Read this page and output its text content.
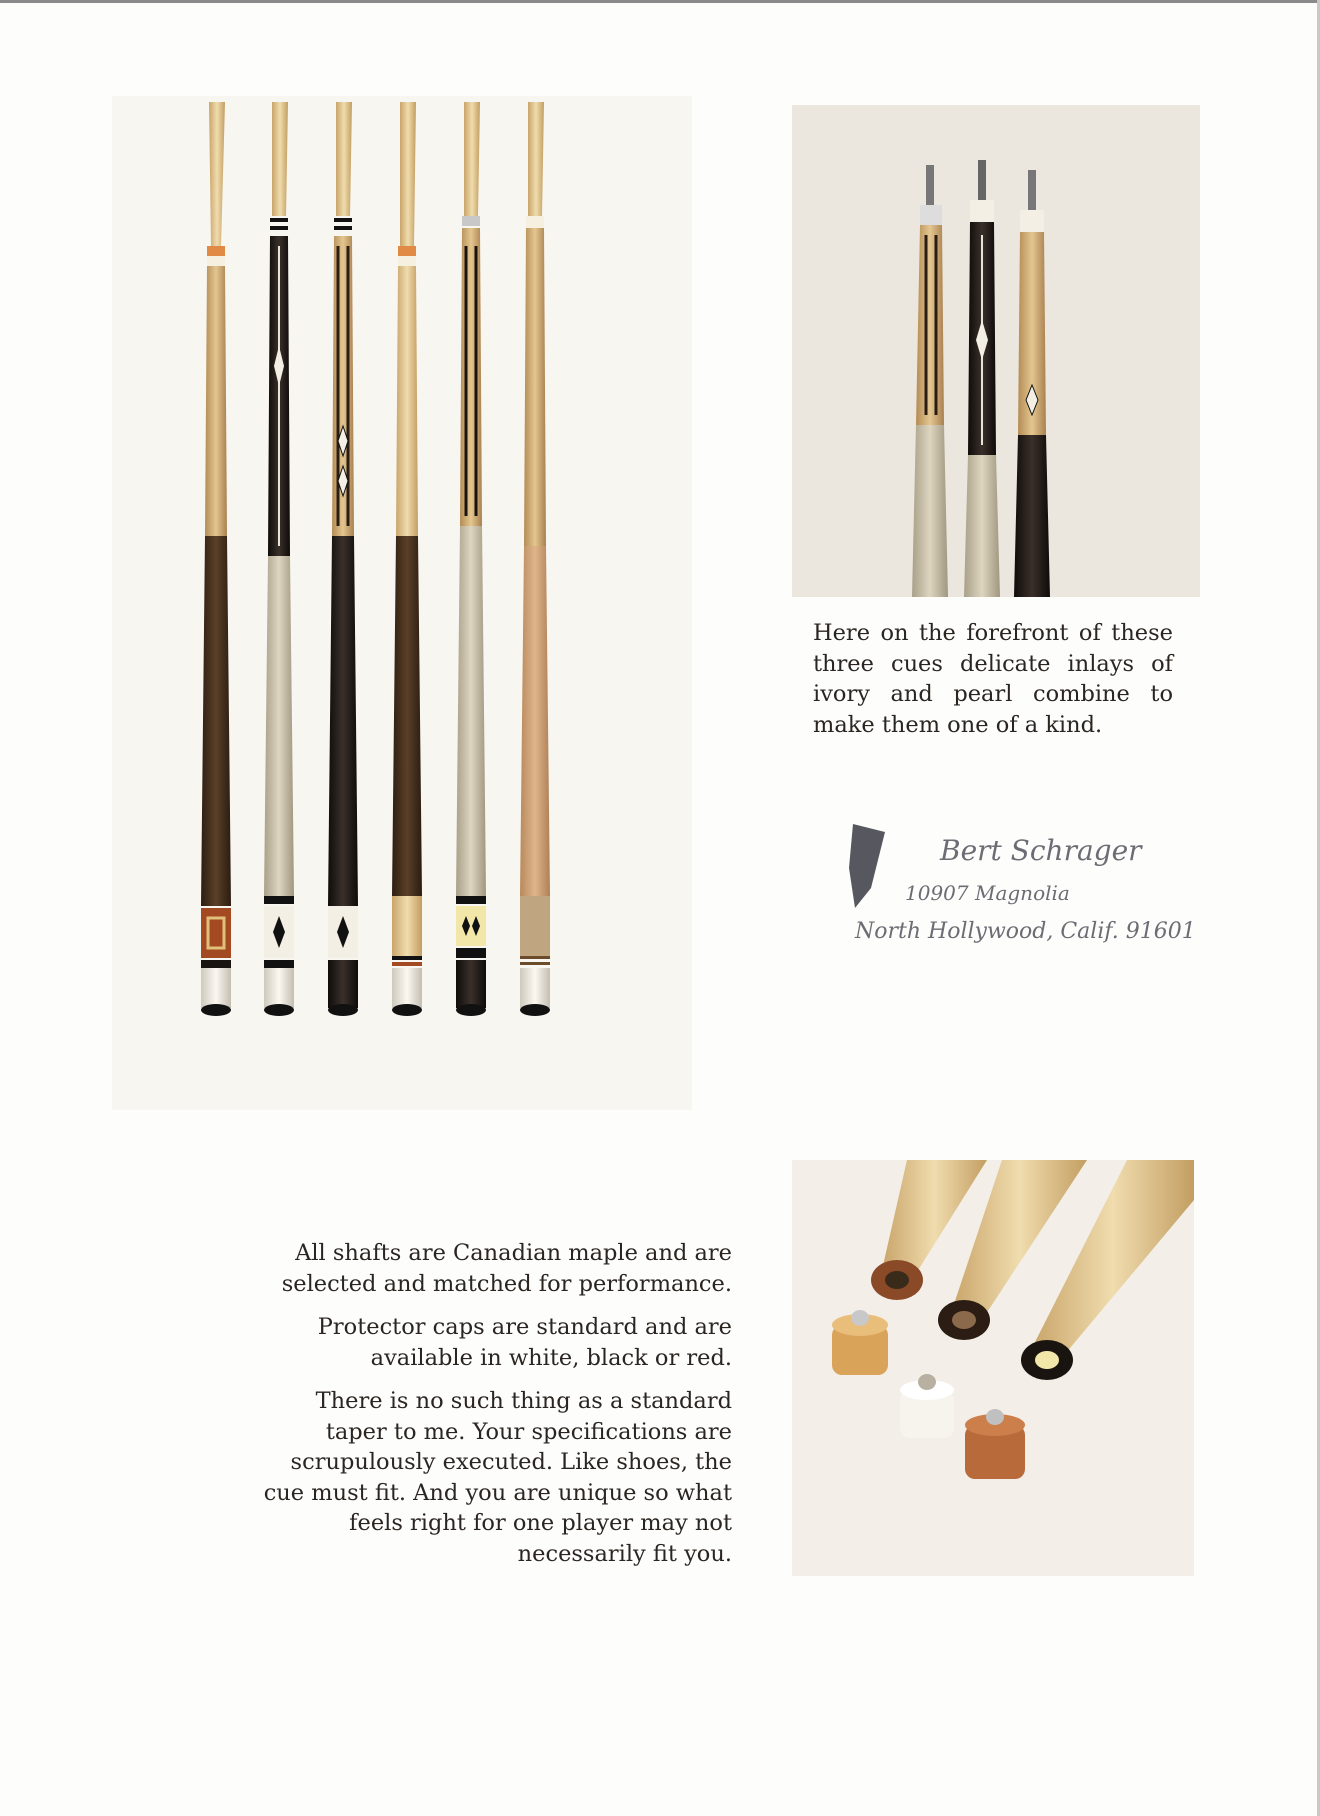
Here on the forefront of these three cues delicate inlays of ivory and pearl combine to make them one of a kind.

Bert Schrager
10907 Magnolia
North Hollywood, Calif. 91601

All shafts are Canadian maple and are selected and matched for performance.

Protector caps are standard and are available in white, black or red.

There is no such thing as a standard taper to me. Your specifications are scrupulously executed. Like shoes, the cue must fit. And you are unique so what feels right for one player may not necessarily fit you.
